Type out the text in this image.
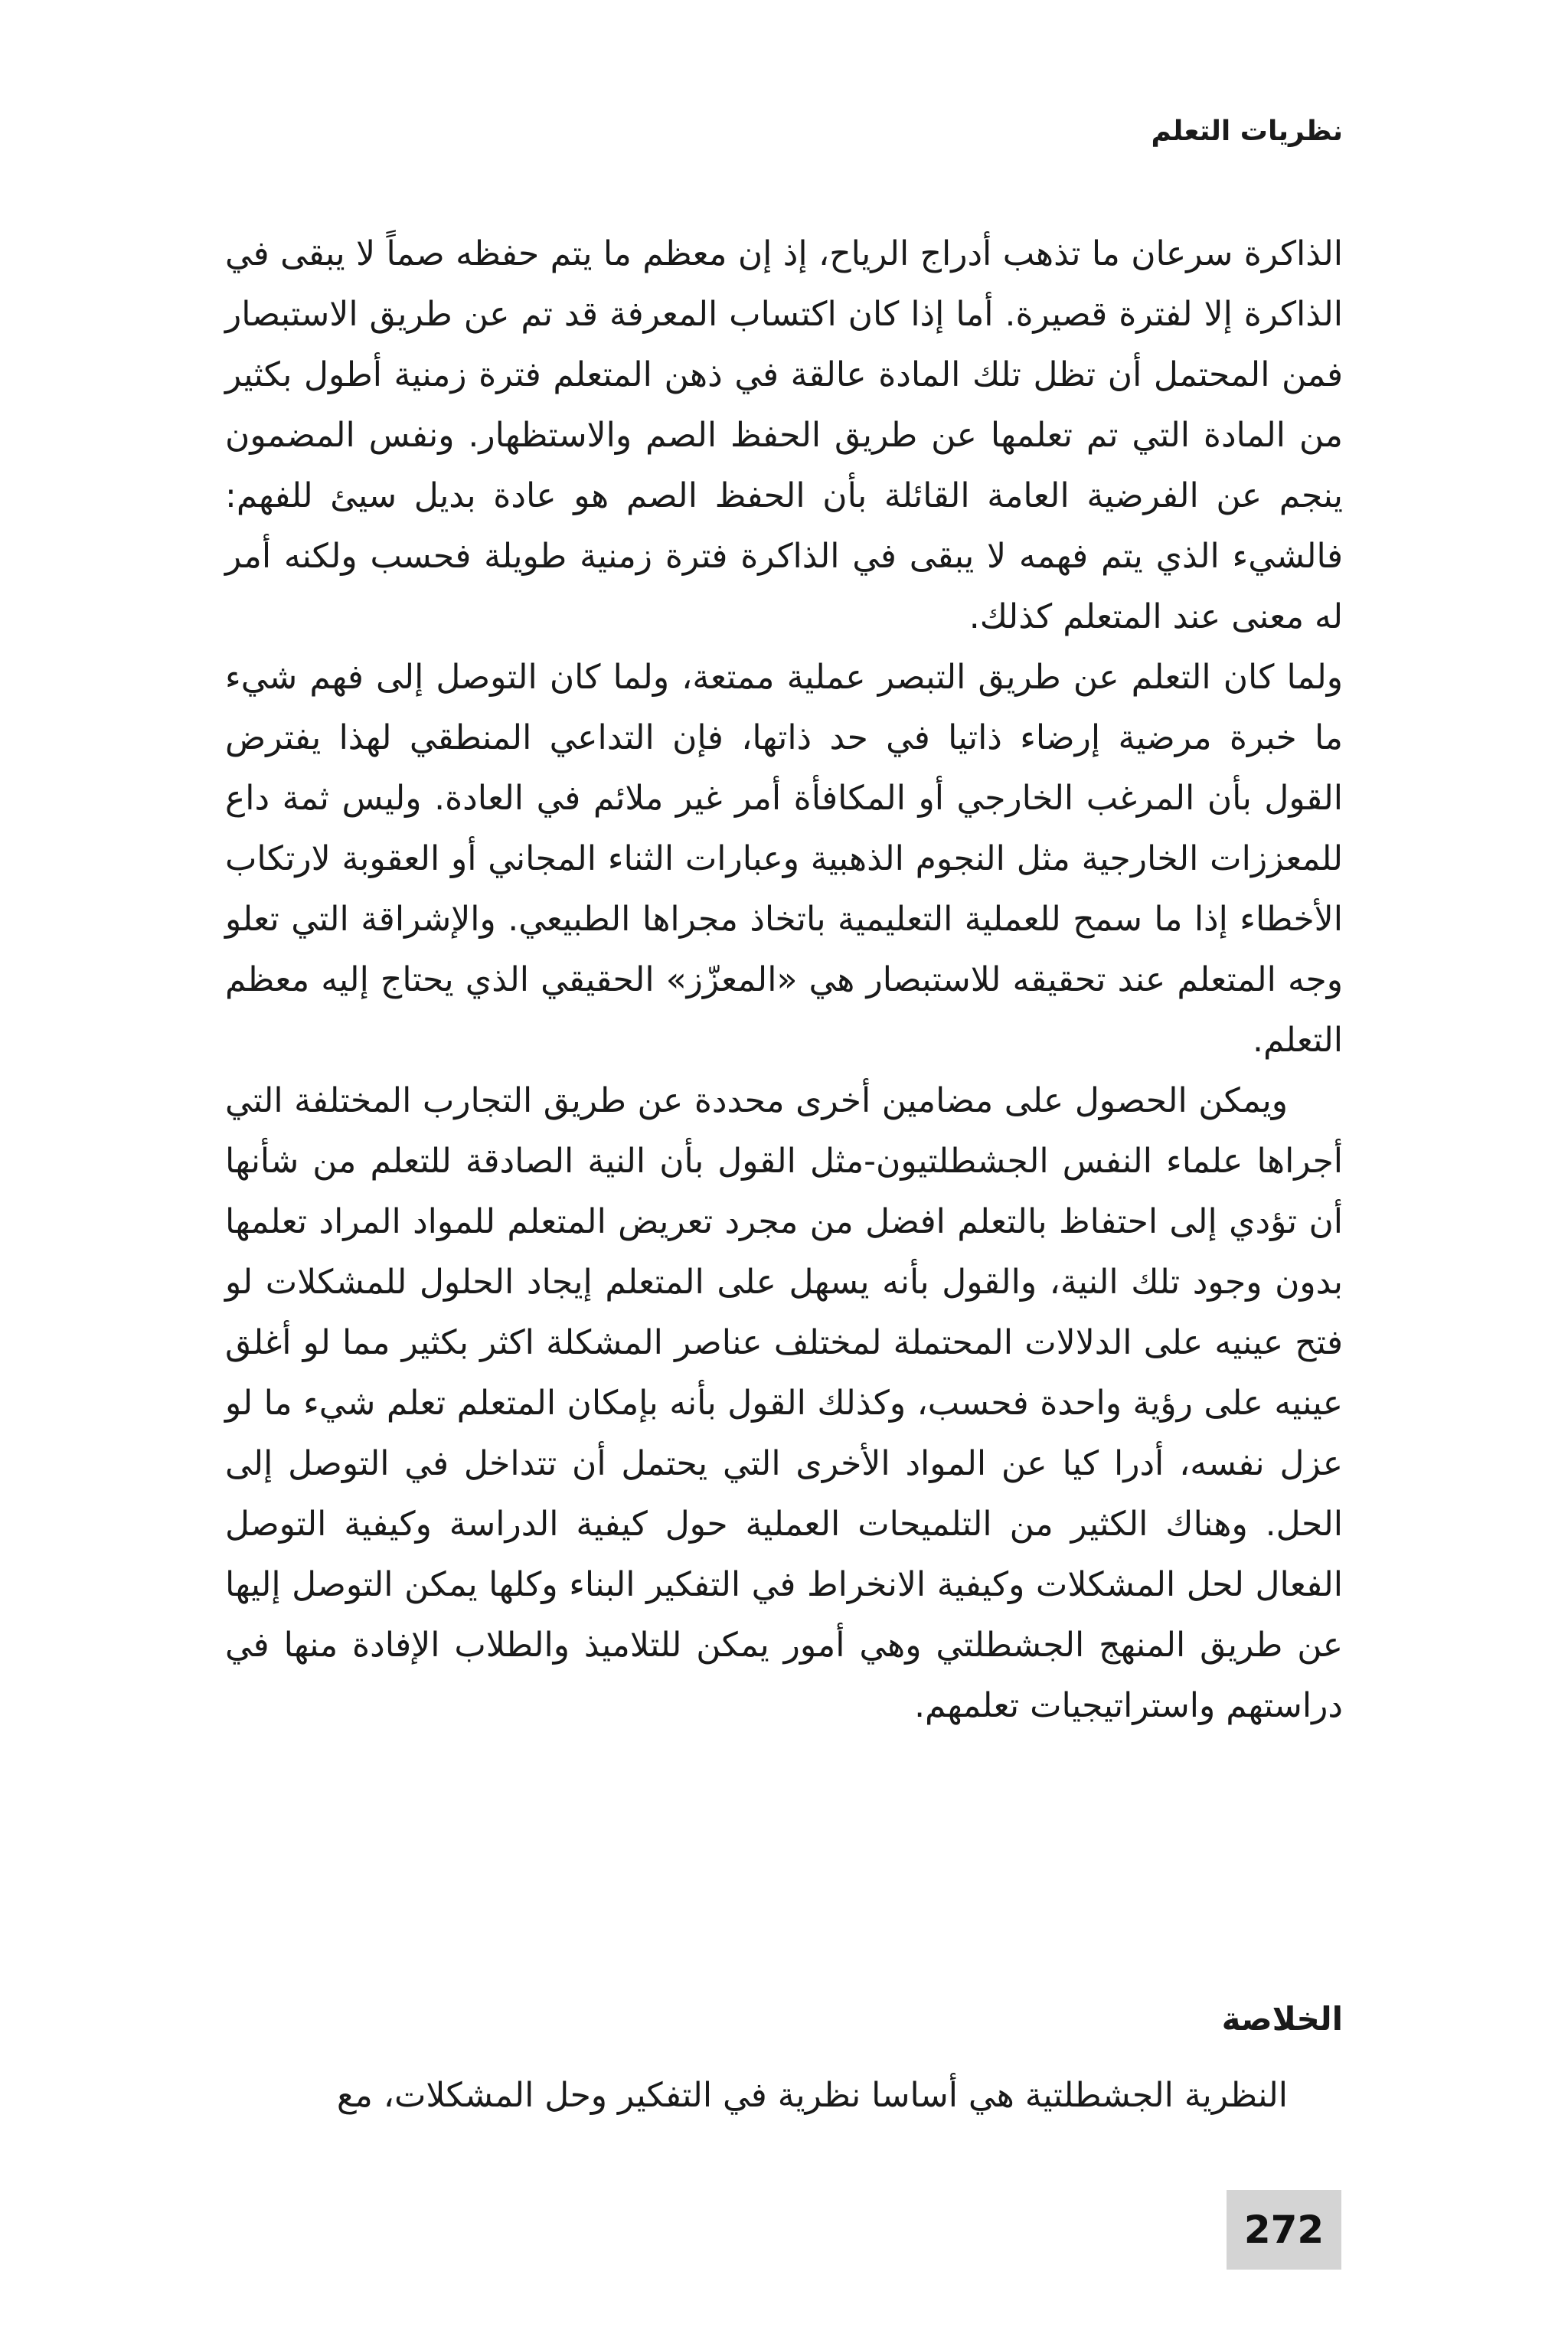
نظريات التعلم

الذاكرة سرعان ما تذهب أدراج الرياح، إذ إن معظم ما يتم حفظه صماً لا يبقى في الذاكرة إلا لفترة قصيرة. أما إذا كان اكتساب المعرفة قد تم عن طريق الاستبصار فمن المحتمل أن تظل تلك المادة عالقة في ذهن المتعلم فترة زمنية أطول بكثير من المادة التي تم تعلمها عن طريق الحفظ الصم والاستظهار. ونفس المضمون ينجم عن الفرضية العامة القائلة بأن الحفظ الصم هو عادة بديل سيئ للفهم: فالشيء الذي يتم فهمه لا يبقى في الذاكرة فترة زمنية طويلة فحسب ولكنه أمر له معنى عند المتعلم كذلك.

ولما كان التعلم عن طريق التبصر عملية ممتعة، ولما كان التوصل إلى فهم شيء ما خبرة مرضية إرضاء ذاتيا في حد ذاتها، فإن التداعي المنطقي لهذا يفترض القول بأن المرغب الخارجي أو المكافأة أمر غير ملائم في العادة. وليس ثمة داع للمعززات الخارجية مثل النجوم الذهبية وعبارات الثناء المجاني أو العقوبة لارتكاب الأخطاء إذا ما سمح للعملية التعليمية باتخاذ مجراها الطبيعي. والإشراقة التي تعلو وجه المتعلم عند تحقيقه للاستبصار هي «المعزّز» الحقيقي الذي يحتاج إليه معظم التعلم.

ويمكن الحصول على مضامين أخرى محددة عن طريق التجارب المختلفة التي أجراها علماء النفس الجشطلتيون-مثل القول بأن النية الصادقة للتعلم من شأنها أن تؤدي إلى احتفاظ بالتعلم افضل من مجرد تعريض المتعلم للمواد المراد تعلمها بدون وجود تلك النية، والقول بأنه يسهل على المتعلم إيجاد الحلول للمشكلات لو فتح عينيه على الدلالات المحتملة لمختلف عناصر المشكلة اكثر بكثير مما لو أغلق عينيه على رؤية واحدة فحسب، وكذلك القول بأنه بإمكان المتعلم تعلم شيء ما لو عزل نفسه، أدرا كيا عن المواد الأخرى التي يحتمل أن تتداخل في التوصل إلى الحل. وهناك الكثير من التلميحات العملية حول كيفية الدراسة وكيفية التوصل الفعال لحل المشكلات وكيفية الانخراط في التفكير البناء وكلها يمكن التوصل إليها عن طريق المنهج الجشطلتي وهي أمور يمكن للتلاميذ والطلاب الإفادة منها في دراستهم واستراتيجيات تعلمهم.

الخلاصة

النظرية الجشطلتية هي أساسا نظرية في التفكير وحل المشكلات، مع

272
